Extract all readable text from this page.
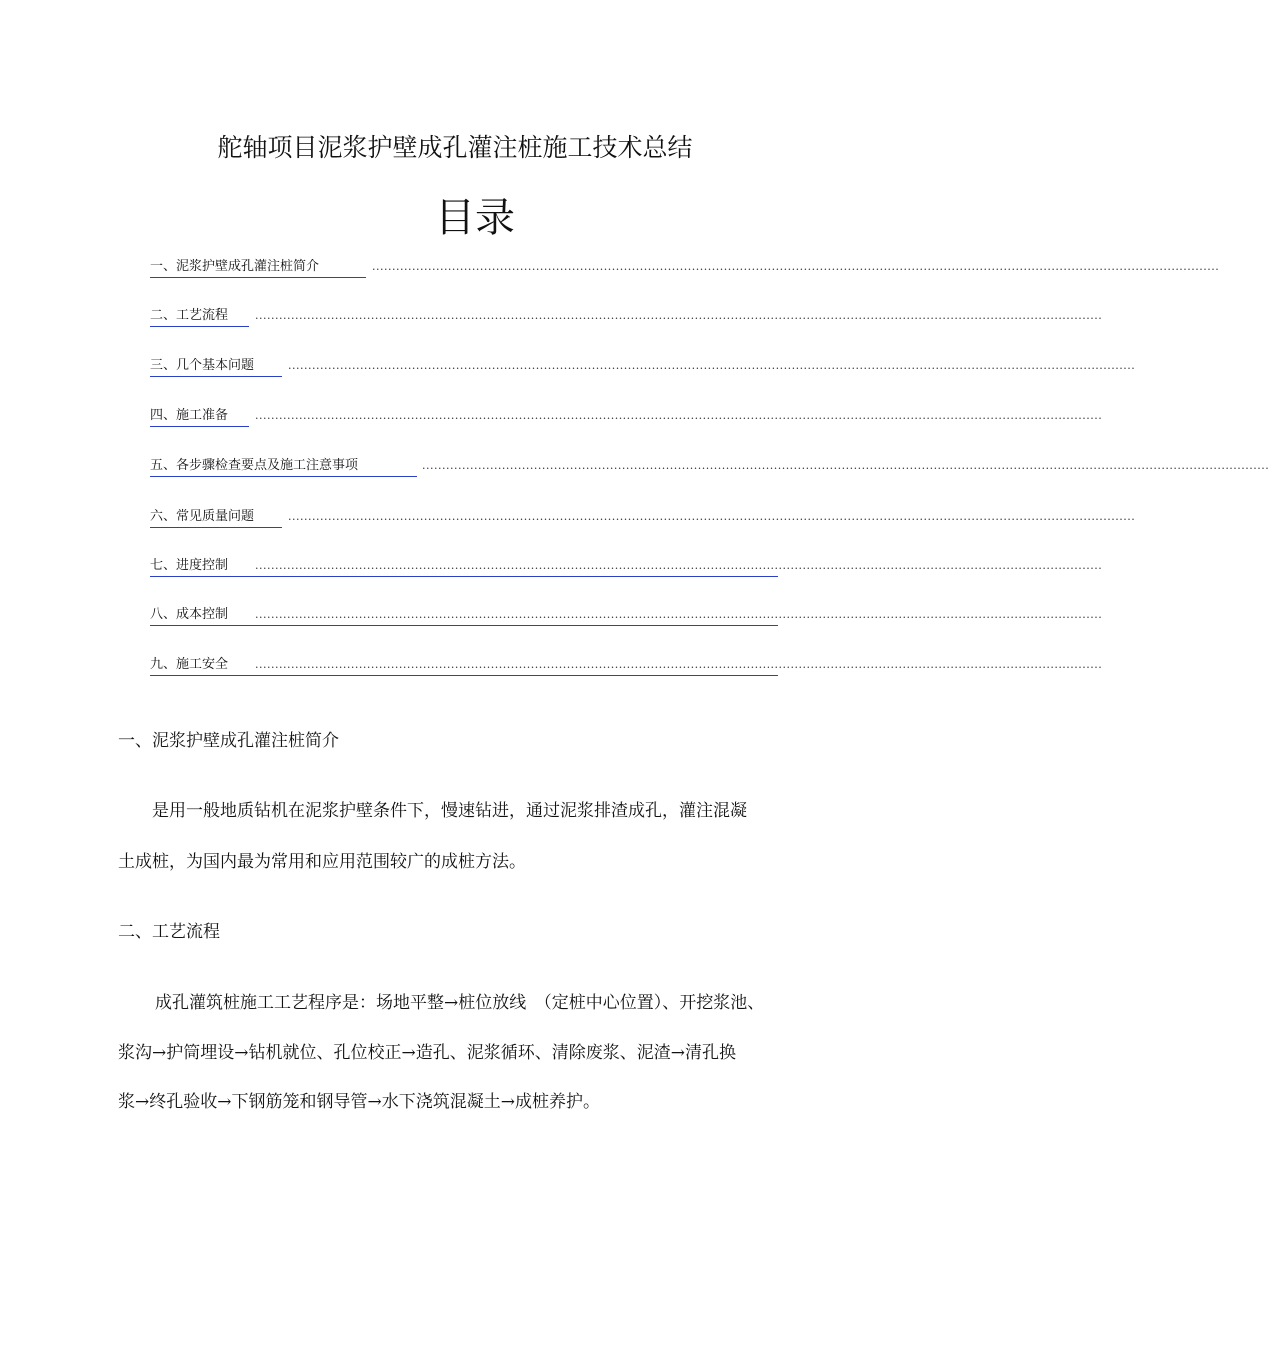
舵轴项目泥浆护壁成孔灌注桩施工技术总结
目录
一、泥浆护壁成孔灌注桩简介	....................................................................................................................................................................................................................
二、工艺流程 ....................................................................................................................................................................................................................
三、几个基本问题	....................................................................................................................................................................................................................
四、施工准备 ....................................................................................................................................................................................................................
五、各步骤检查要点及施工注意事项	....................................................................................................................................................................................................................
六、常见质量问题	....................................................................................................................................................................................................................
七、进度控制 ....................................................................................................................................................................................................................
八、成本控制 ....................................................................................................................................................................................................................
九、施工安全 ....................................................................................................................................................................................................................
一、泥浆护壁成孔灌注桩简介
是用一般地质钻机在泥浆护壁条件下，慢速钻进，通过泥浆排渣成孔，灌注混凝
土成桩，为国内最为常用和应用范围较广的成桩方法。
二、工艺流程
成孔灌筑桩施工工艺程序是：场地平整→桩位放线　（定桩中心位置）、开挖浆池、
浆沟→护筒埋设→钻机就位、孔位校正→造孔、泥浆循环、清除废浆、泥渣→清孔换
浆→终孔验收→下钢筋笼和钢导管→水下浇筑混凝土→成桩养护。
